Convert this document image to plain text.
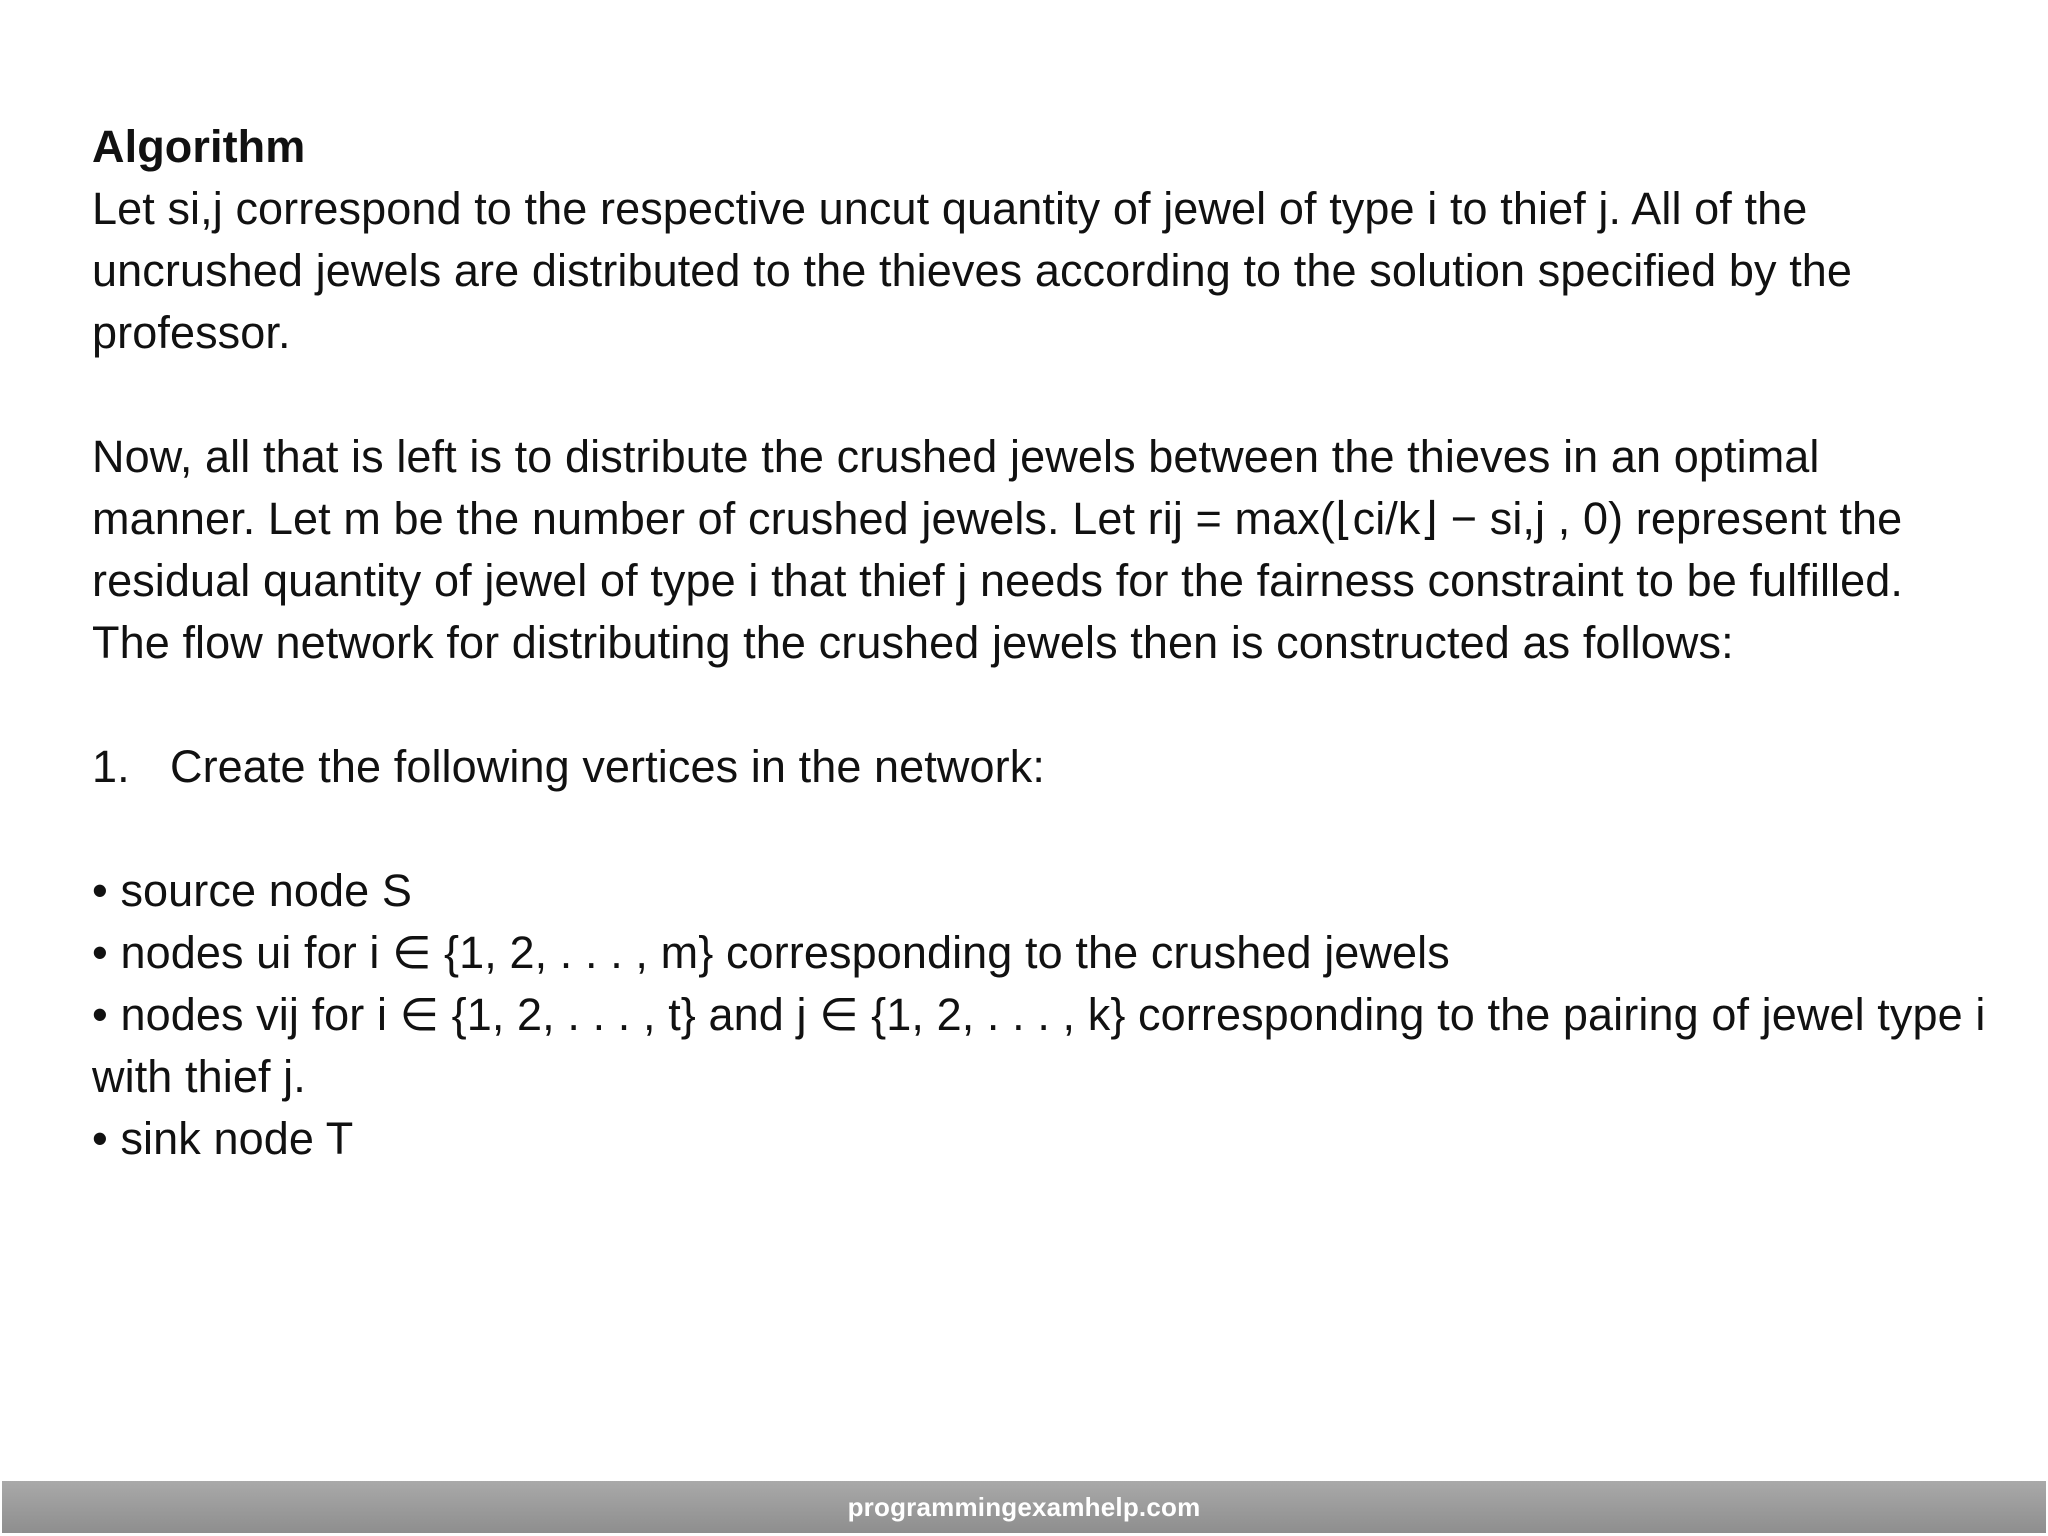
Algorithm
Let si,j correspond to the respective uncut quantity of jewel of type i to thief j. All of the uncrushed jewels are distributed to the thieves according to the solution specified by the professor.
Now, all that is left is to distribute the crushed jewels between the thieves in an optimal manner. Let m be the number of crushed jewels. Let rij = max(⌊ci/k⌋ − si,j , 0) represent the residual quantity of jewel of type i that thief j needs for the fairness constraint to be fulfilled. The flow network for distributing the crushed jewels then is constructed as follows:
1. Create the following vertices in the network:
• source node S
• nodes ui for i ∈ {1, 2, . . . , m} corresponding to the crushed jewels
• nodes vij for i ∈ {1, 2, . . . , t} and j ∈ {1, 2, . . . , k} corresponding to the pairing of jewel type i with thief j.
• sink node T
programmingexamhelp.com
